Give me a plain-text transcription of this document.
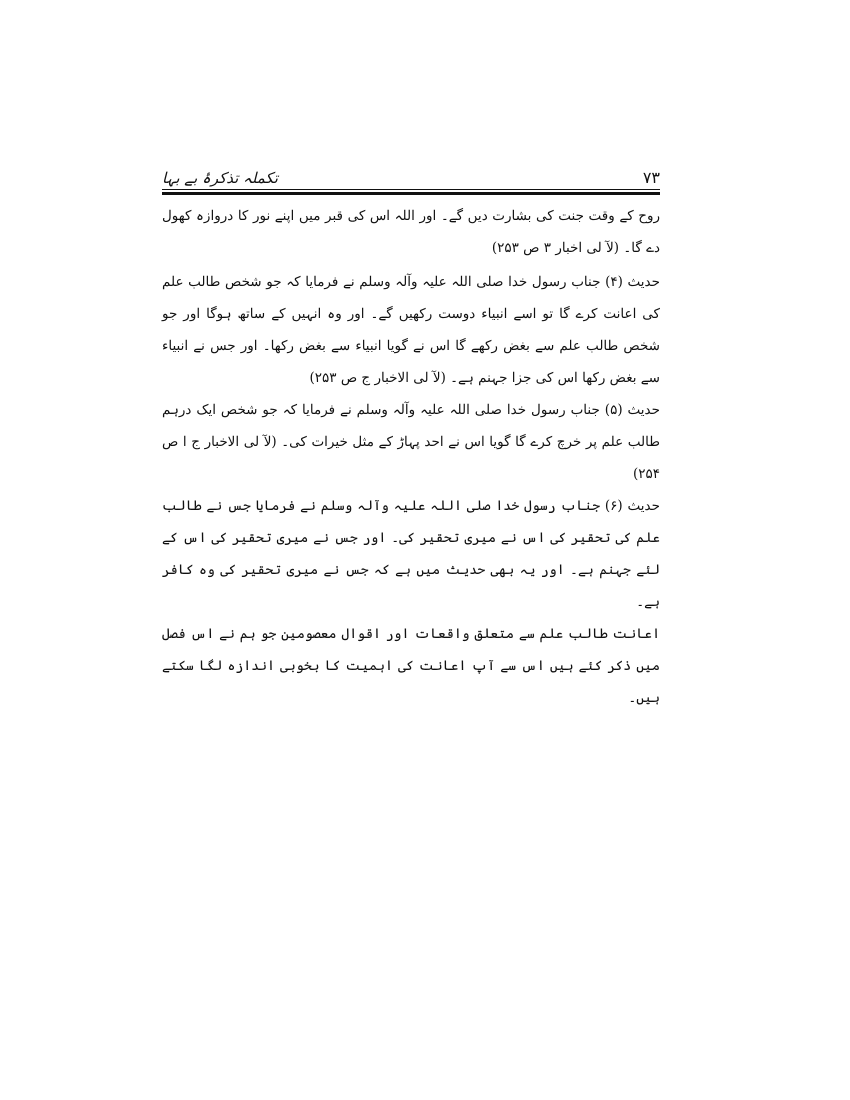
تکملہ تذکرۂ بے بہا	۷۳

روح کے وقت جنت کی بشارت دیں گے۔ اور اللہ اس کی قبر میں اپنے نور کا دروازہ کھول دے گا۔ (لآ لی اخبار ۳ ص ۲۵۳)

حدیث (۴) جناب رسول خدا صلی اللہ علیہ وآلہ وسلم نے فرمایا کہ جو شخص طالب علم کی اعانت کرے گا تو اسے انبیاء دوست رکھیں گے۔ اور وہ انہیں کے ساتھ ہوگا اور جو شخص طالب علم سے بغض رکھے گا اس نے گویا انبیاء سے بغض رکھا۔ اور جس نے انبیاء سے بغض رکھا اس کی جزا جہنم ہے۔ (لآ لی الاخبار ج ص ۲۵۳)

حدیث (۵) جناب رسول خدا صلی اللہ علیہ وآلہ وسلم نے فرمایا کہ جو شخص ایک درہم طالب علم پر خرچ کرے گا گویا اس نے احد پہاڑ کے مثل خیرات کی۔ (لآ لی الاخبار ج ا ص ۲۵۴)

حدیث (۶) جناب رسول خدا صلی اللہ علیہ وآلہ وسلم نے فرمایا جس نے طالب علم کی تحقیر کی اس نے میری تحقیر کی۔ اور جس نے میری تحقیر کی اس کے لئے جہنم ہے۔ اور یہ بھی حدیث میں ہے کہ جس نے میری تحقیر کی وہ کافر ہے۔

اعانت طالب علم سے متعلق واقعات اور اقوال معصومین جو ہم نے اس فصل میں ذکر کئے ہیں اس سے آپ اعانت کی اہمیت کا بخوبی اندازہ لگا سکتے ہیں۔
